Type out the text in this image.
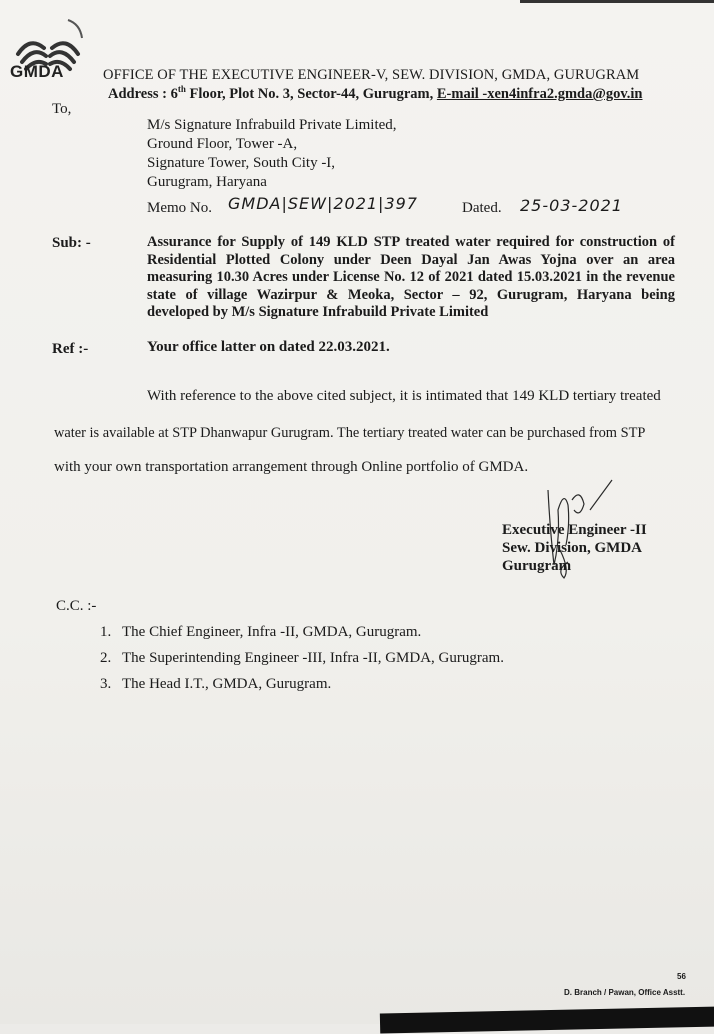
GMDA	OFFICE OF THE EXECUTIVE ENGINEER-V, SEW. DIVISION, GMDA, GURUGRAM
Address : 6th Floor, Plot No. 3, Sector-44, Gurugram, E-mail -xen4infra2.gmda@gov.in
To,
M/s Signature Infrabuild Private Limited,
Ground Floor, Tower -A,
Signature Tower, South City -I,
Gurugram, Haryana
Memo No. GMDA|SEW|2021|397	Dated. 25-03-2021
Sub: -	Assurance for Supply of 149 KLD STP treated water required for construction of Residential Plotted Colony under Deen Dayal Jan Awas Yojna over an area measuring 10.30 Acres under License No. 12 of 2021 dated 15.03.2021 in the revenue state of village Wazirpur & Meoka, Sector – 92, Gurugram, Haryana being developed by M/s Signature Infrabuild Private Limited
Ref :-	Your office latter on dated 22.03.2021.
With reference to the above cited subject, it is intimated that 149 KLD tertiary treated
water is available at STP Dhanwapur Gurugram. The tertiary treated water can be purchased from STP
with your own transportation arrangement through Online portfolio of GMDA.
Executive Engineer -II
Sew. Division, GMDA
Gurugram
C.C. :-
1. The Chief Engineer, Infra -II, GMDA, Gurugram.
2. The Superintending Engineer -III, Infra -II, GMDA, Gurugram.
3. The Head I.T., GMDA, Gurugram.
56
D. Branch / Pawan, Office Asstt.
